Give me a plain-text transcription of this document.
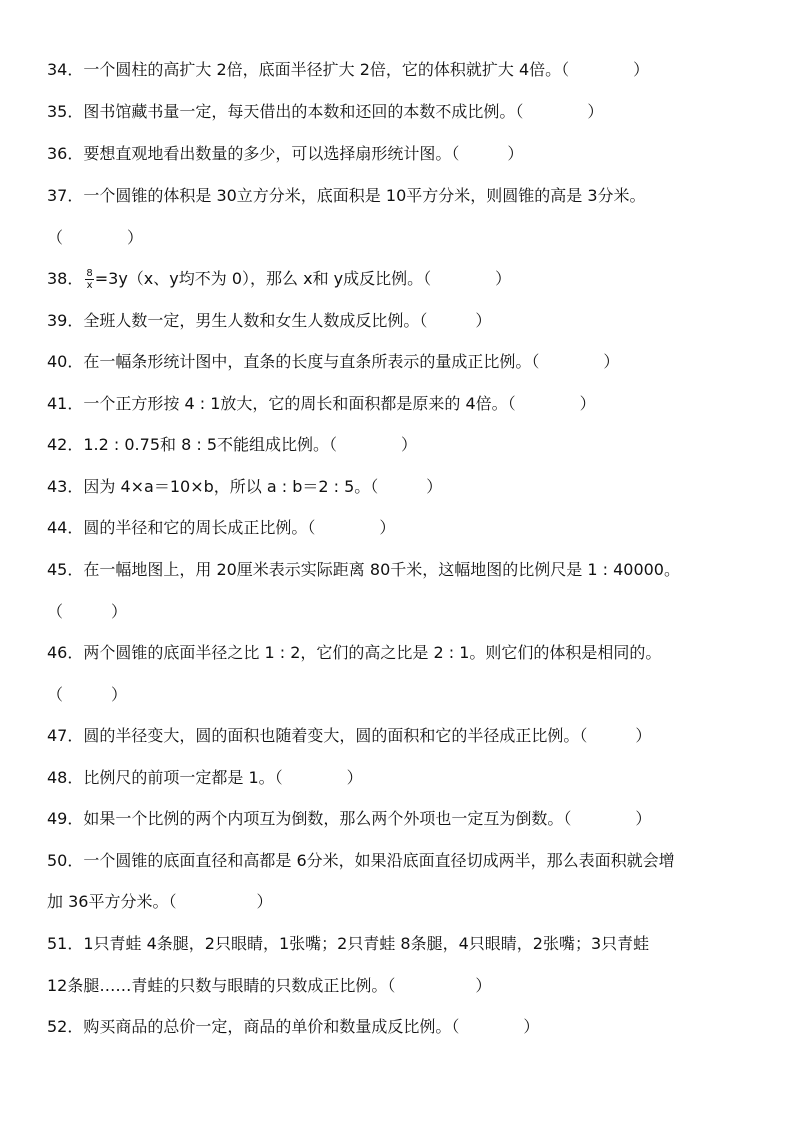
34．一个圆柱的高扩大 2倍，底面半径扩大 2倍，它的体积就扩大 4倍。（　　　　）
35．图书馆藏书量一定，每天借出的本数和还回的本数不成比例。（　　　　）
36．要想直观地看出数量的多少，可以选择扇形统计图。（　　　）
37．一个圆锥的体积是 30立方分米，底面积是 10平方分米，则圆锥的高是 3分米。
（　　　　）
38． $\frac{8}{x} =3y(x$、y均不为 0），那么 x和 y成反比例。（　　　　）
39．全班人数一定，男生人数和女生人数成反比例。（　　　）
40．在一幅条形统计图中，直条的长度与直条所表示的量成正比例。（　　　　）
41．一个正方形按 4 : 1放大，它的周长和面积都是原来的 4倍。（　　　　）
42．1.2 : 0.75和 8 : 5不能组成比例。（　　　　）
43．因为 4×a＝10×b，所以 a : b＝2 : 5。（　　　）
44．圆的半径和它的周长成正比例。（　　　　）
45．在一幅地图上，用 20厘米表示实际距离 80千米，这幅地图的比例尺是 1 : 40000。
（　　　）
46．两个圆锥的底面半径之比 1 : 2，它们的高之比是 2 : 1。则它们的体积是相同的。
（　　　）
47．圆的半径变大，圆的面积也随着变大，圆的面积和它的半径成正比例。（　　　）
48．比例尺的前项一定都是 1。（　　　　）
49．如果一个比例的两个内项互为倒数，那么两个外项也一定互为倒数。（　　　　）
50．一个圆锥的底面直径和高都是 6分米，如果沿底面直径切成两半，那么表面积就会增
加 36平方分米。（　　　　　）
51．1只青蛙 4条腿，2只眼睛，1张嘴；2只青蛙 8条腿，4只眼睛，2张嘴；3只青蛙
12条腿……青蛙的只数与眼睛的只数成正比例。（　　　　　）
52．购买商品的总价一定，商品的单价和数量成反比例。（　　　　）
